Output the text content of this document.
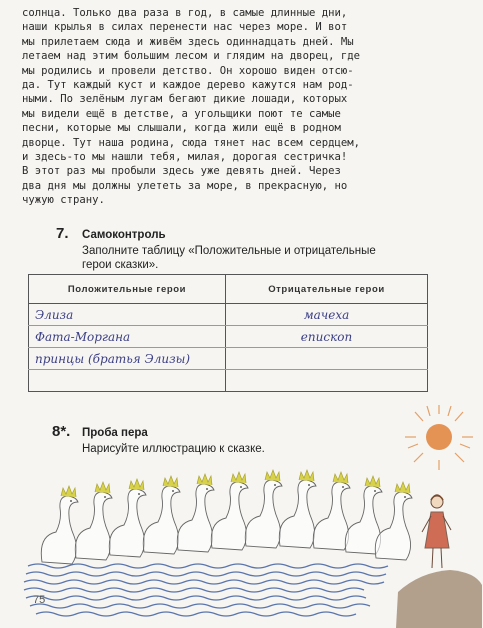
солнца. Только два раза в год, в самые длинные дни,
наши крылья в силах перенести нас через море. И вот
мы прилетаем сюда и живём здесь одиннадцать дней. Мы
летаем над этим большим лесом и глядим на дворец, где
мы родились и провели детство. Он хорошо виден отсю-
да. Тут каждый куст и каждое дерево кажутся нам род-
ными. По зелёным лугам бегают дикие лошади, которых
мы видели ещё в детстве, а угольщики поют те самые
песни, которые мы слышали, когда жили ещё в родном
дворце. Тут наша родина, сюда тянет нас всем сердцем,
и здесь-то мы нашли тебя, милая, дорогая сестричка!
В этот раз мы пробыли здесь уже девять дней. Через
два дня мы должны улететь за море, в прекрасную, но
чужую страну.
7. Самоконтроль
Заполните таблицу «Положительные и отрицательные
герои сказки».
Положительные герои	Отрицательные герои
Элиза	мачеха
Фата-Моргана	епископ
принцы (братья Элизы)	

8*. Проба пера
Нарисуйте иллюстрацию к сказке.
75
